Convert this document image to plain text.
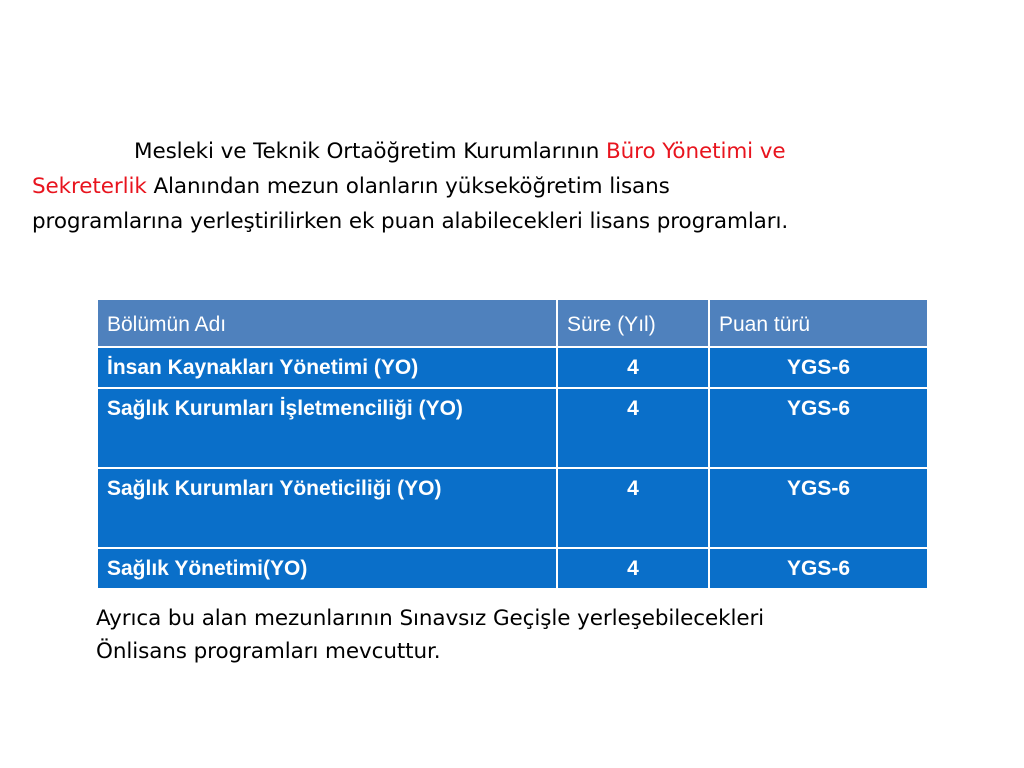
Mesleki ve Teknik Ortaöğretim Kurumlarının Büro Yönetimi ve
Sekreterlik Alanından mezun olanların yükseköğretim lisans
programlarına yerleştirilirken ek puan alabilecekleri lisans programları.
Bölümün Adı	Süre (Yıl)	Puan türü

İnsan Kaynakları Yönetimi (YO)	4	YGS-6

Sağlık Kurumları İşletmenciliği (YO)	4	YGS-6

Sağlık Kurumları Yöneticiliği (YO)	4	YGS-6

Sağlık Yönetimi(YO)	4	YGS-6
Ayrıca bu alan mezunlarının Sınavsız Geçişle yerleşebilecekleri
Önlisans programları mevcuttur.
